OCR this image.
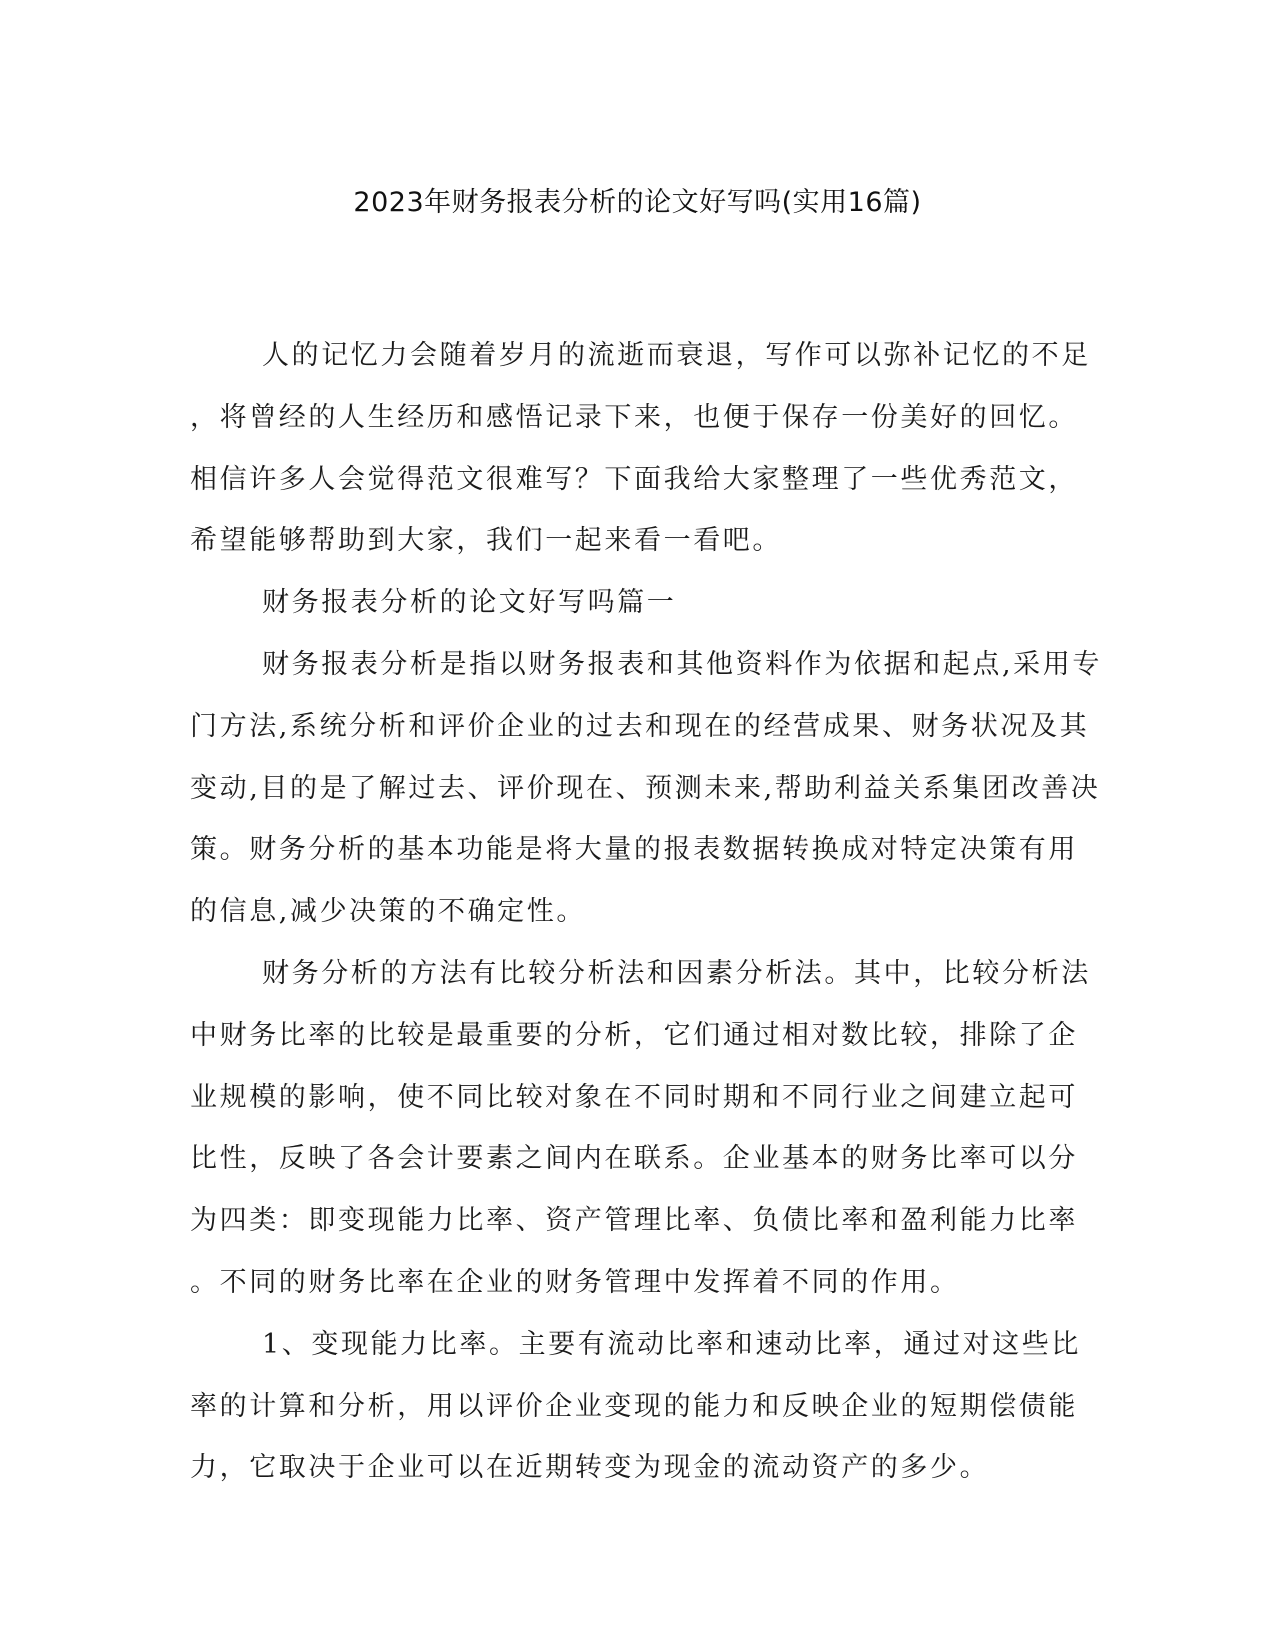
2023年财务报表分析的论文好写吗(实用16篇)
人的记忆力会随着岁月的流逝而衰退，写作可以弥补记忆的不足
，将曾经的人生经历和感悟记录下来，也便于保存一份美好的回忆。
相信许多人会觉得范文很难写？下面我给大家整理了一些优秀范文，
希望能够帮助到大家，我们一起来看一看吧。
财务报表分析的论文好写吗篇一
财务报表分析是指以财务报表和其他资料作为依据和起点,采用专
门方法,系统分析和评价企业的过去和现在的经营成果、财务状况及其
变动,目的是了解过去、评价现在、预测未来,帮助利益关系集团改善决
策。财务分析的基本功能是将大量的报表数据转换成对特定决策有用
的信息,减少决策的不确定性。
财务分析的方法有比较分析法和因素分析法。其中，比较分析法
中财务比率的比较是最重要的分析，它们通过相对数比较，排除了企
业规模的影响，使不同比较对象在不同时期和不同行业之间建立起可
比性，反映了各会计要素之间内在联系。企业基本的财务比率可以分
为四类：即变现能力比率、资产管理比率、负债比率和盈利能力比率
。不同的财务比率在企业的财务管理中发挥着不同的作用。
1、变现能力比率。主要有流动比率和速动比率，通过对这些比
率的计算和分析，用以评价企业变现的能力和反映企业的短期偿债能
力，它取决于企业可以在近期转变为现金的流动资产的多少。
